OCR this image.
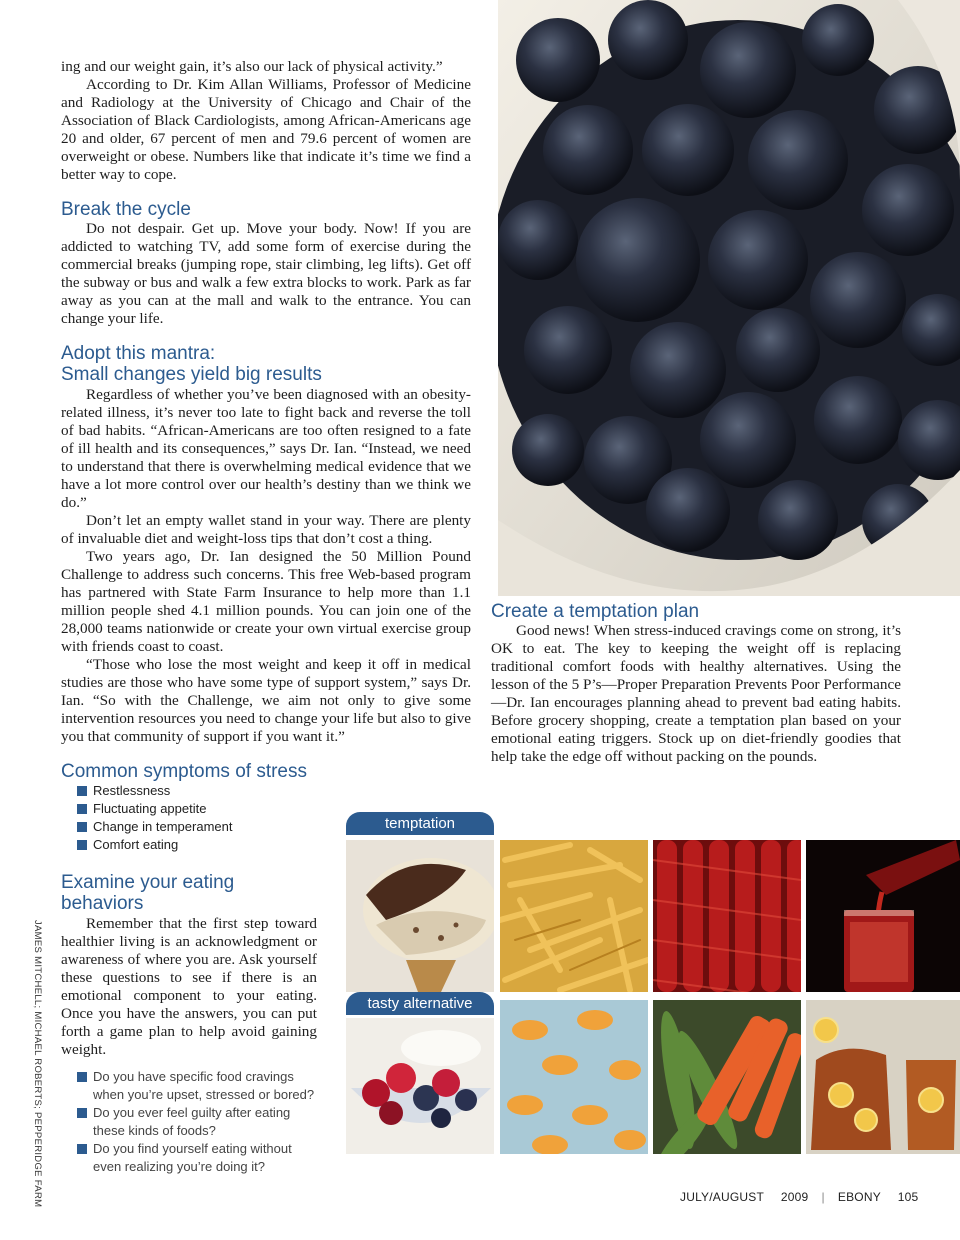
ing and our weight gain, it’s also our lack of physical activity.”

According to Dr. Kim Allan Williams, Professor of Medicine and Radiology at the University of Chicago and Chair of the Association of Black Cardiologists, among African-Americans age 20 and older, 67 percent of men and 79.6 percent of women are overweight or obese. Numbers like that indicate it’s time we find a better way to cope.

Break the cycle

Do not despair. Get up. Move your body. Now! If you are addicted to watching TV, add some form of exercise during the commercial breaks (jumping rope, stair climbing, leg lifts). Get off the subway or bus and walk a few extra blocks to work. Park as far away as you can at the mall and walk to the entrance. You can change your life.

Adopt this mantra:
Small changes yield big results

Regardless of whether you’ve been diagnosed with an obesity-related illness, it’s never too late to fight back and reverse the toll of bad habits. “African-Americans are too often resigned to a fate of ill health and its consequences,” says Dr. Ian. “Instead, we need to understand that there is overwhelming medical evidence that we have a lot more control over our health’s destiny than we think we do.”

Don’t let an empty wallet stand in your way. There are plenty of invaluable diet and weight-loss tips that don’t cost a thing.

Two years ago, Dr. Ian designed the 50 Million Pound Challenge to address such concerns. This free Web-based program has partnered with State Farm Insurance to help more than 1.1 million people shed 4.1 million pounds. You can join one of the 28,000 teams nationwide or create your own virtual exercise group with friends coast to coast.

“Those who lose the most weight and keep it off in medical studies are those who have some type of support system,” says Dr. Ian. “So with the Challenge, we aim not only to give some intervention resources you need to change your life but also to give you that community of support if you want it.”

Common symptoms of stress
Restlessness
Fluctuating appetite
Change in temperament
Comfort eating
Examine your eating
behaviors

Remember that the first step toward healthier living is an acknowledgment or awareness of where you are. Ask yourself these questions to see if there is an emotional component to your eating. Once you have the answers, you can put forth a game plan to help avoid gaining weight.

Do you have specific food cravings when you’re upset, stressed or bored?
Do you ever feel guilty after eating these kinds of foods?
Do you find yourself eating without even realizing you’re doing it?
Create a temptation plan

Good news! When stress-induced cravings come on strong, it’s OK to eat. The key to keeping the weight off is replacing traditional comfort foods with healthy alternatives. Using the lesson of the 5 P’s—Proper Preparation Prevents Poor Performance—Dr. Ian encourages planning ahead to prevent bad eating habits. Before grocery shopping, create a temptation plan based on your emotional eating triggers. Stock up on diet-friendly goodies that help take the edge off without packing on the pounds.

JAMES MITCHELL; MICHAEL ROBERTS; PEPPERIDGE FARM
temptation
tasty alternative
JULY/AUGUST 2009 | EBONY 105
